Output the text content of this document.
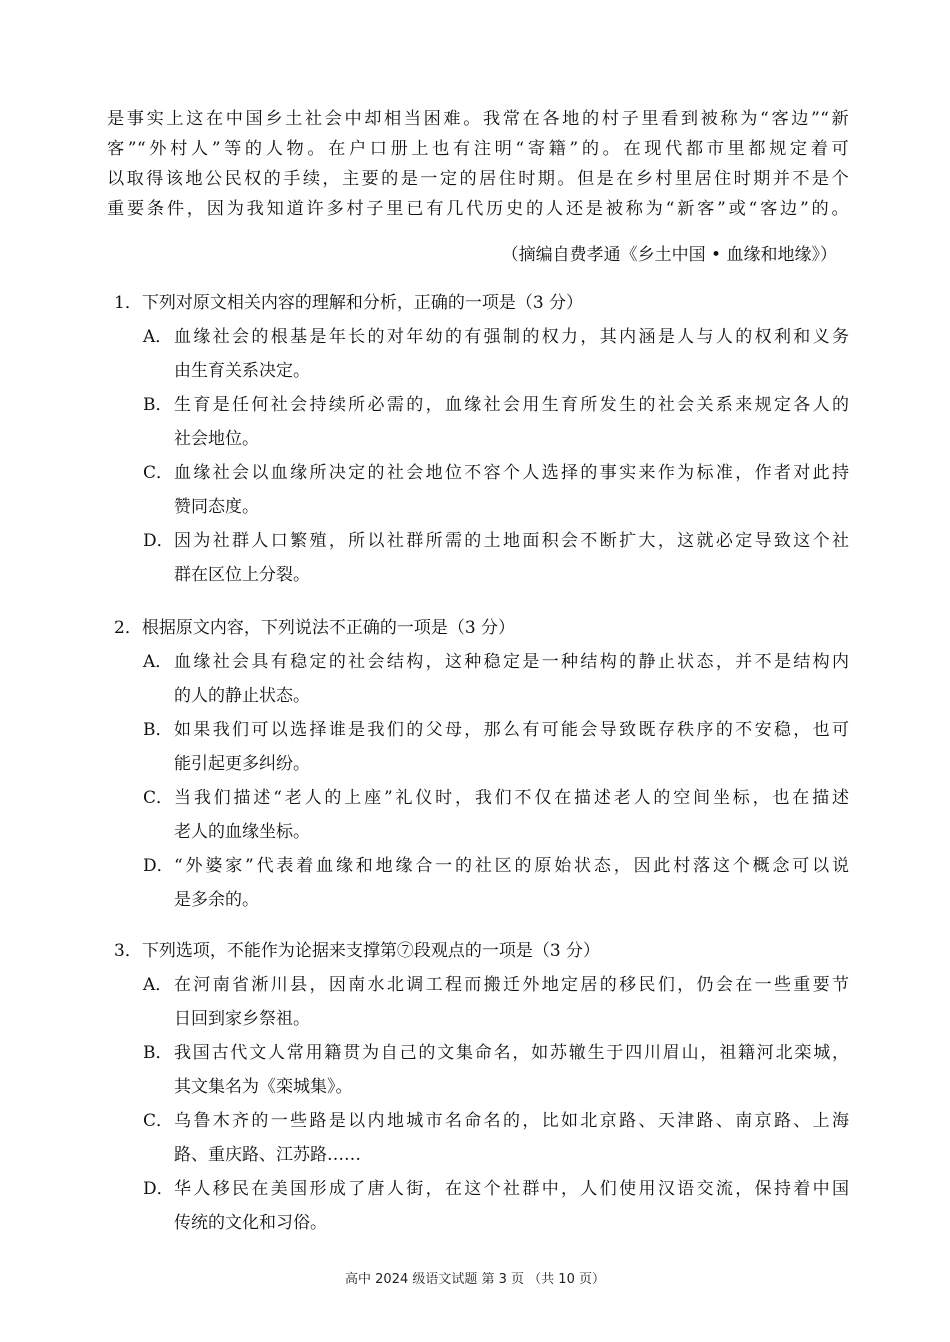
是事实上这在中国乡土社会中却相当困难。我常在各地的村子里看到被称为“客边”“新

客”“外村人”等的人物。在户口册上也有注明“寄籍”的。在现代都市里都规定着可

以取得该地公民权的手续，主要的是一定的居住时期。但是在乡村里居住时期并不是个

重要条件，因为我知道许多村子里已有几代历史的人还是被称为“新客”或“客边”的。

（摘编自费孝通《乡土中国 • 血缘和地缘》）
1．下列对原文相关内容的理解和分析，正确的一项是（3 分）
A． 血缘社会的根基是年长的对年幼的有强制的权力，其内涵是人与人的权利和义务
由生育关系决定。
B． 生育是任何社会持续所必需的，血缘社会用生育所发生的社会关系来规定各人的
社会地位。
C． 血缘社会以血缘所决定的社会地位不容个人选择的事实来作为标准，作者对此持
赞同态度。
D． 因为社群人口繁殖，所以社群所需的土地面积会不断扩大，这就必定导致这个社
群在区位上分裂。
2．根据原文内容，下列说法不正确的一项是（3 分）
A． 血缘社会具有稳定的社会结构，这种稳定是一种结构的静止状态，并不是结构内
的人的静止状态。
B． 如果我们可以选择谁是我们的父母，那么有可能会导致既存秩序的不安稳，也可
能引起更多纠纷。
C． 当我们描述“老人的上座”礼仪时，我们不仅在描述老人的空间坐标，也在描述
老人的血缘坐标。
D． “外婆家”代表着血缘和地缘合一的社区的原始状态，因此村落这个概念可以说
是多余的。
3．下列选项，不能作为论据来支撑第⑦段观点的一项是（3 分）
A． 在河南省淅川县，因南水北调工程而搬迁外地定居的移民们，仍会在一些重要节
日回到家乡祭祖。
B． 我国古代文人常用籍贯为自己的文集命名，如苏辙生于四川眉山，祖籍河北栾城，
其文集名为《栾城集》。
C． 乌鲁木齐的一些路是以内地城市名命名的，比如北京路、天津路、南京路、上海
路、重庆路、江苏路……
D． 华人移民在美国形成了唐人街，在这个社群中，人们使用汉语交流，保持着中国
传统的文化和习俗。
高中 2024 级语文试题 第 3 页 （共 10 页）
